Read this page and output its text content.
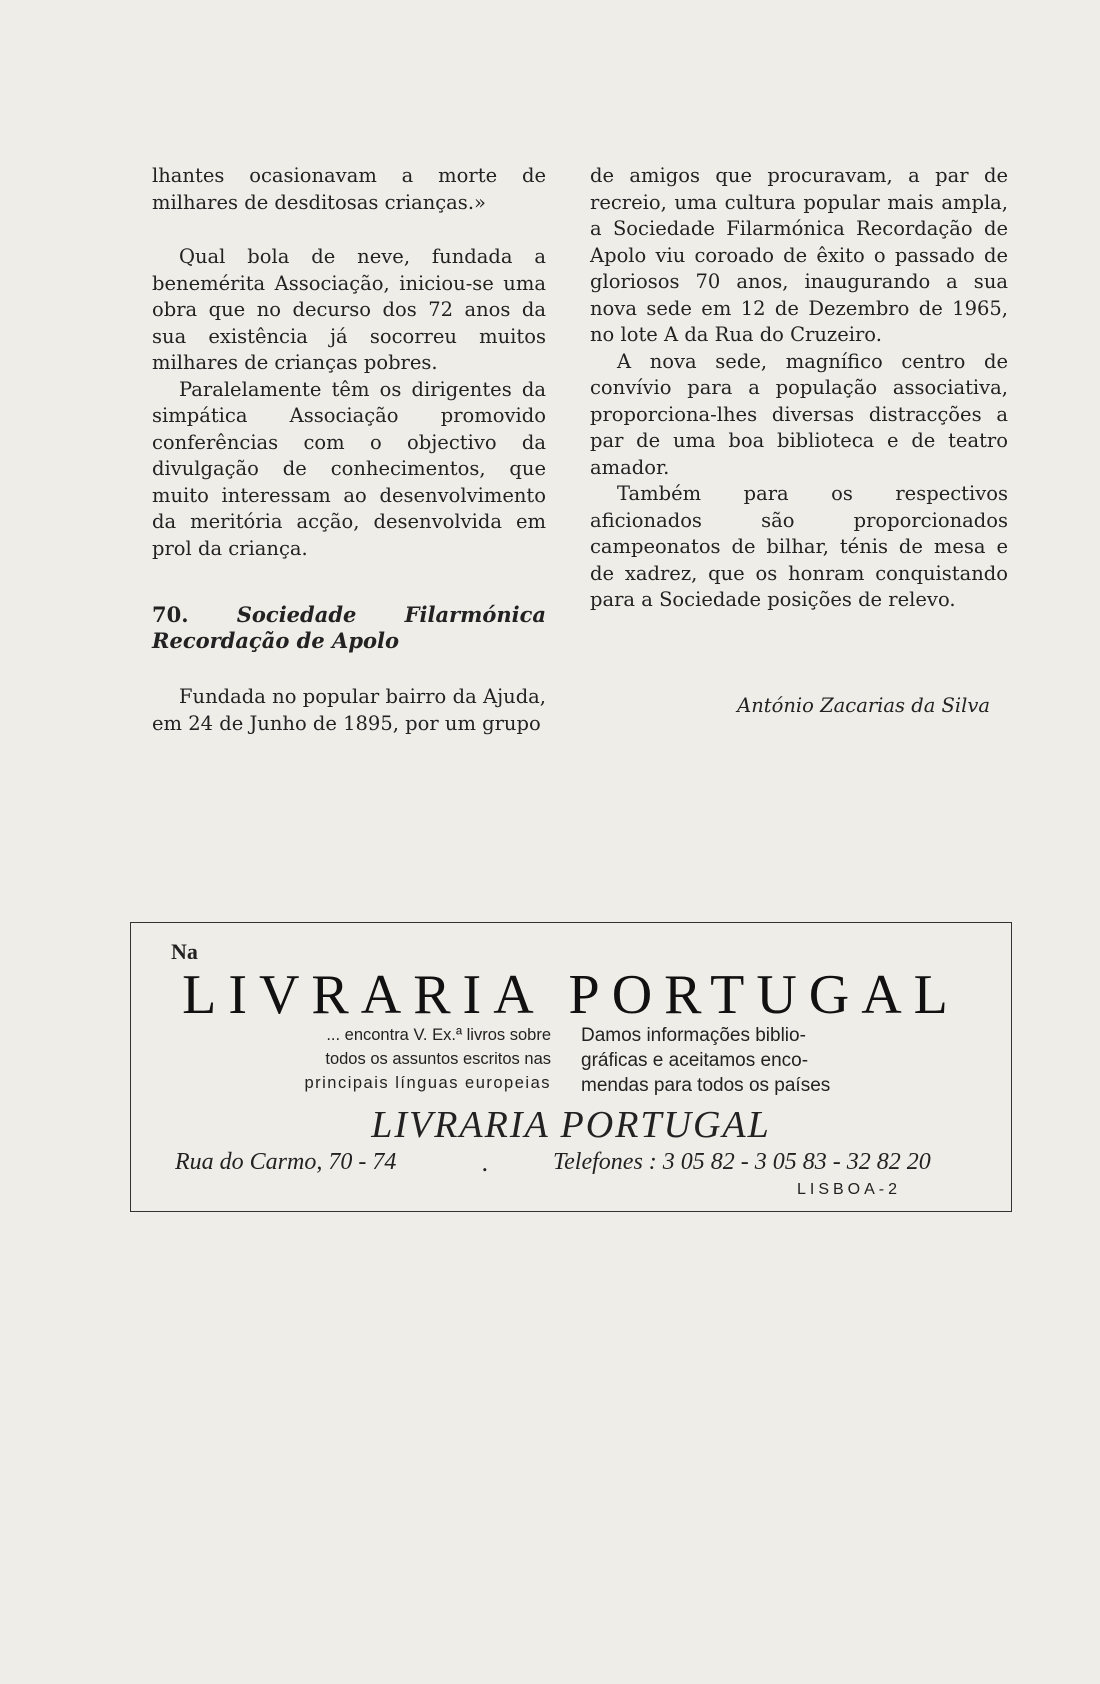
lhantes ocasionavam a morte de milhares de desditosas crianças.»

Qual bola de neve, fundada a benemérita Associação, iniciou-se uma obra que no decurso dos 72 anos da sua existência já socorreu muitos milhares de crianças pobres.

Paralelamente têm os dirigentes da simpática Associação promovido conferências com o objectivo da divulgação de conhecimentos, que muito interessam ao desenvolvimento da meritória acção, desenvolvida em prol da criança.

70. Sociedade Filarmónica Recordação de Apolo

Fundada no popular bairro da Ajuda, em 24 de Junho de 1895, por um grupo

de amigos que procuravam, a par de recreio, uma cultura popular mais ampla, a Sociedade Filarmónica Recordação de Apolo viu coroado de êxito o passado de gloriosos 70 anos, inaugurando a sua nova sede em 12 de Dezembro de 1965, no lote A da Rua do Cruzeiro.

A nova sede, magnífico centro de convívio para a população associativa, proporciona-lhes diversas distracções a par de uma boa biblioteca e de teatro amador.

Também para os respectivos aficionados são proporcionados campeonatos de bilhar, ténis de mesa e de xadrez, que os honram conquistando para a Sociedade posições de relevo.

António Zacarias da Silva
Na
LIVRARIA PORTUGAL
... encontra V. Ex.ª livros sobre
todos os assuntos escritos nas
principais línguas europeias
Damos informações biblio-
gráficas e aceitamos enco-
mendas para todos os países
LIVRARIA PORTUGAL
Rua do Carmo, 70 - 74	.	Telefones : 3 05 82 - 3 05 83 - 32 82 20
LISBOA-2
